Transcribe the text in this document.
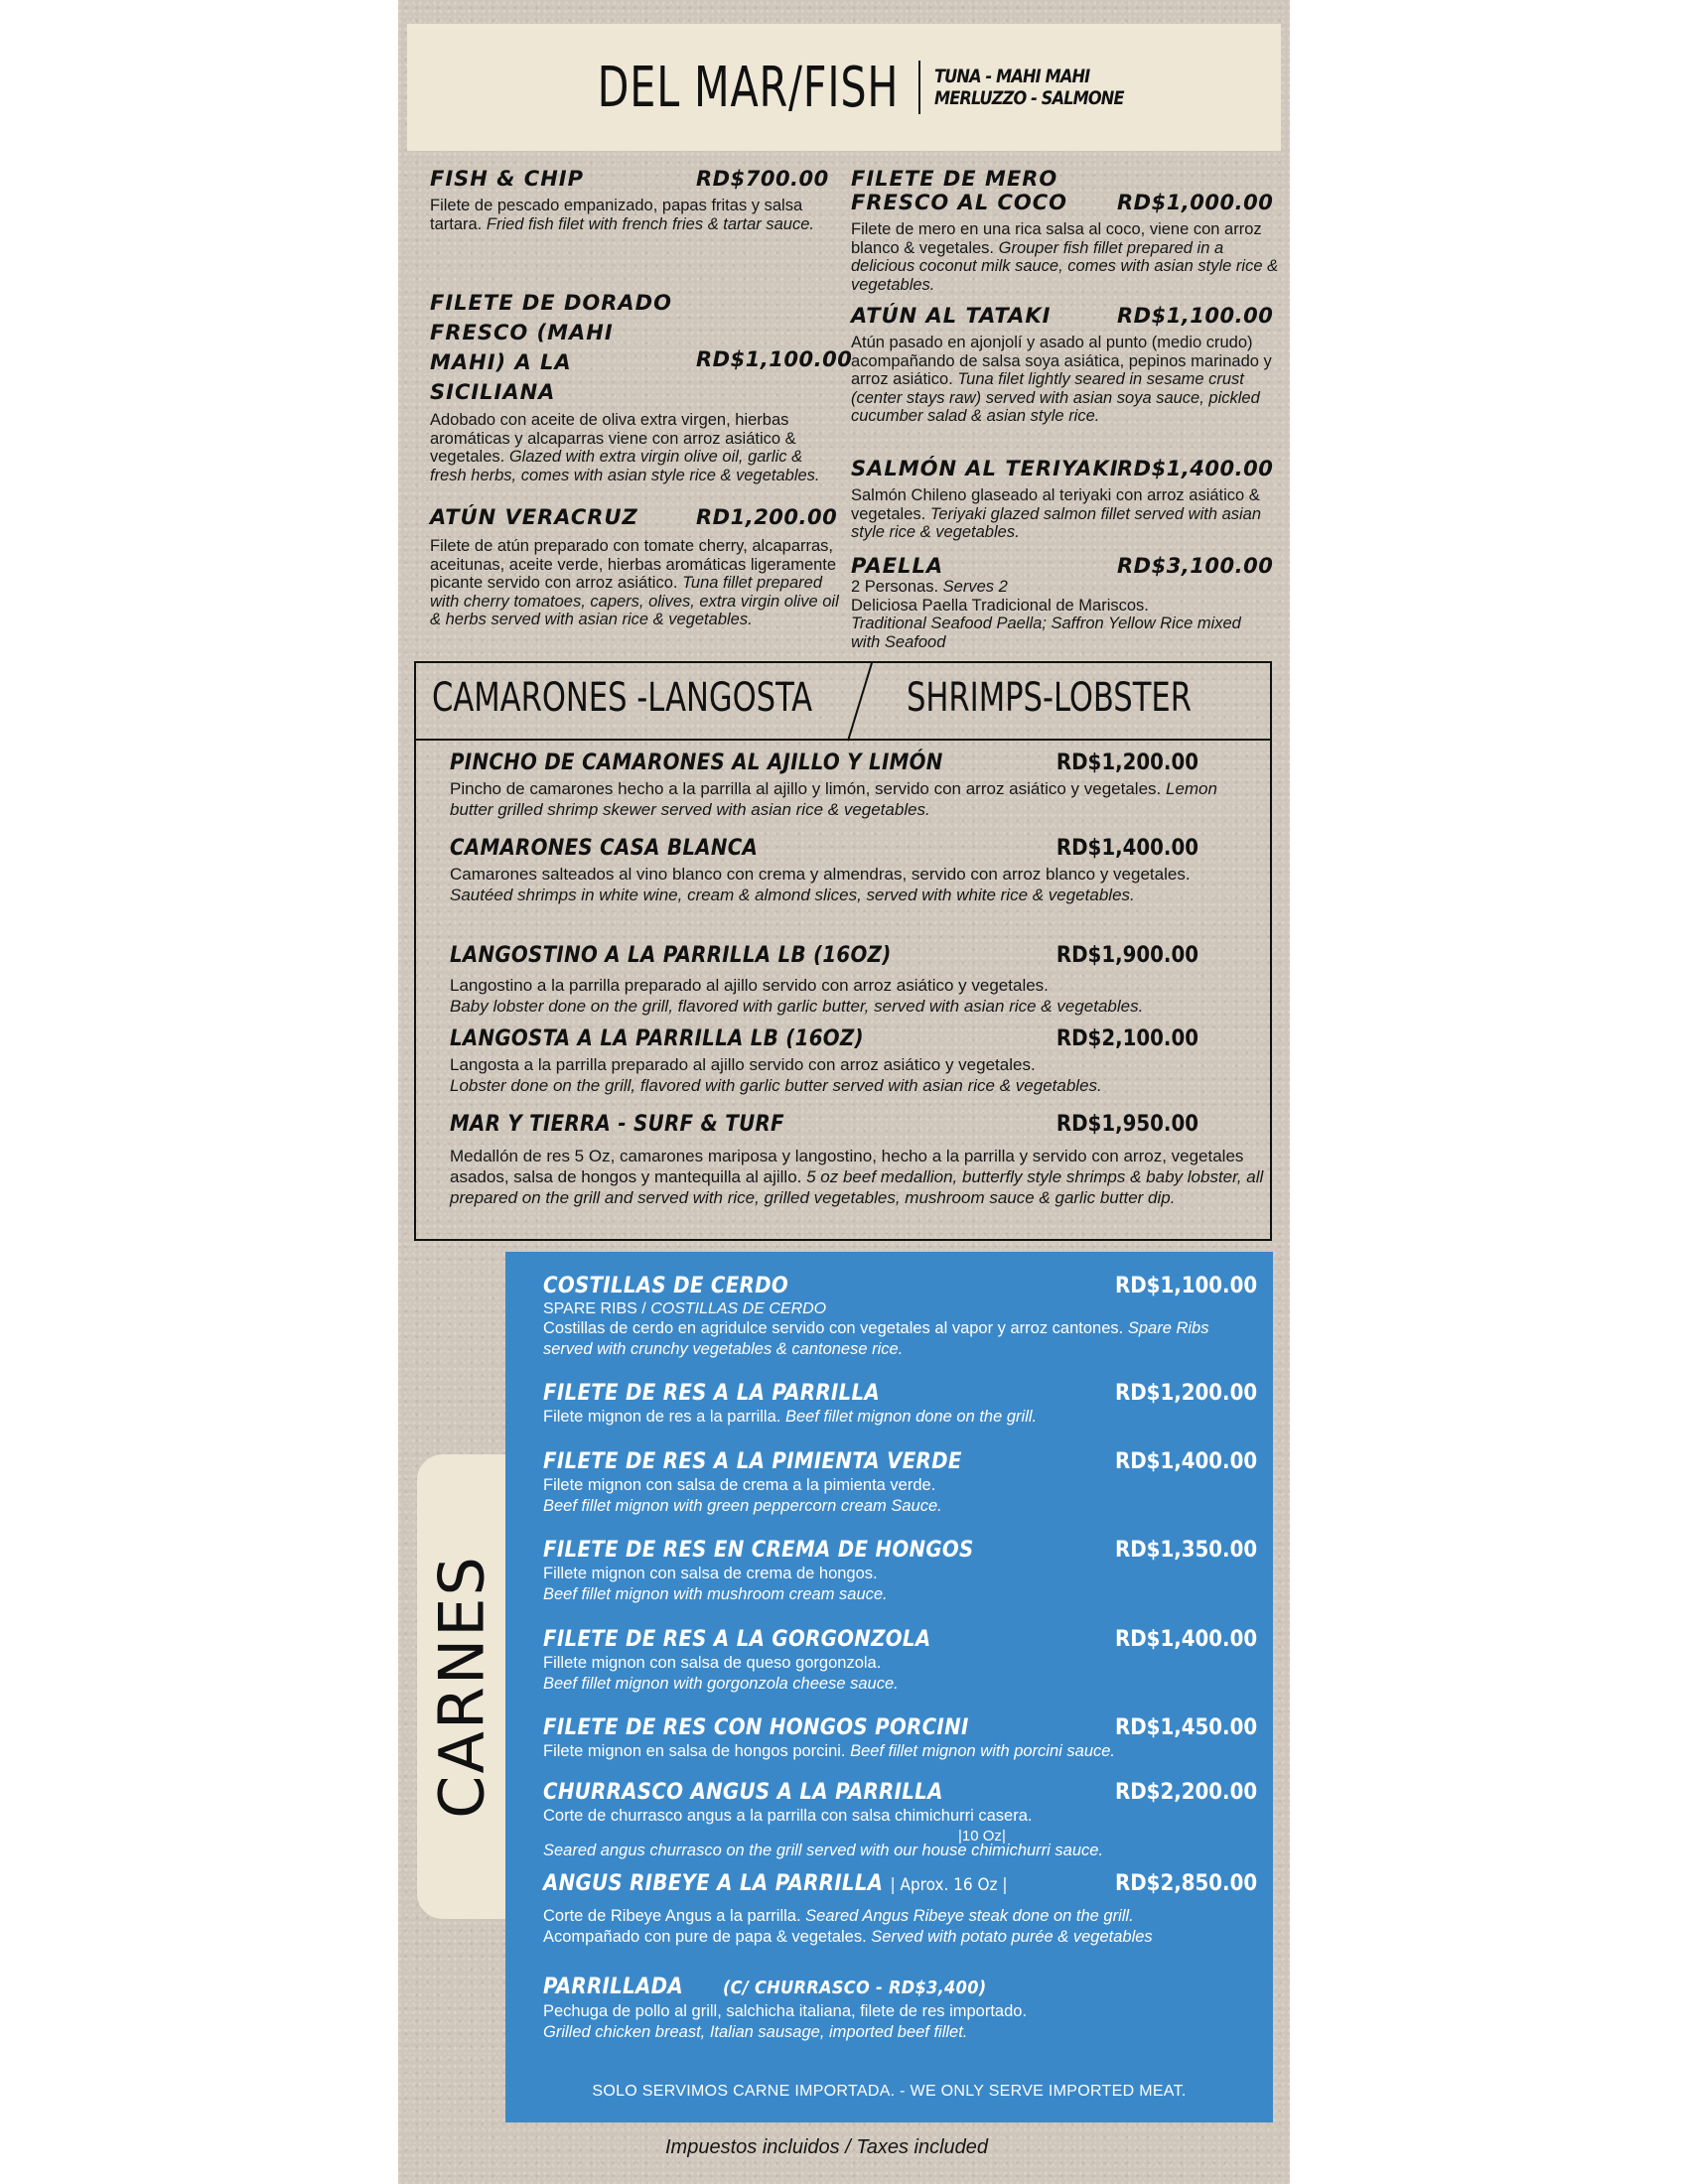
DEL MAR/FISH TUNA - MAHI MAHI
MERLUZZO - SALMONE
FISH & CHIP	RD$700.00
Filete de pescado empanizado, papas fritas y salsa tartara. Fried fish filet with french fries & tartar sauce.
FILETE DE DORADO FRESCO (MAHI MAHI) A LA SICILIANA
RD$1,100.00
Adobado con aceite de oliva extra virgen, hierbas aromáticas y alcaparras viene con arroz asiático & vegetales. Glazed with extra virgin olive oil, garlic & fresh herbs, comes with asian style rice & vegetables.
ATÚN VERACRUZ	RD1,200.00
Filete de atún preparado con tomate cherry, alcaparras, aceitunas, aceite verde, hierbas aromáticas ligeramente picante servido con arroz asiático. Tuna fillet prepared with cherry tomatoes, capers, olives, extra virgin olive oil & herbs served with asian rice & vegetables.
FILETE DE MERO FRESCO AL COCO	RD$1,000.00
Filete de mero en una rica salsa al coco, viene con arroz blanco & vegetales. Grouper fish fillet prepared in a delicious coconut milk sauce, comes with asian style rice & vegetables.
ATÚN AL TATAKI	RD$1,100.00
Atún pasado en ajonjolí y asado al punto (medio crudo) acompañando de salsa soya asiática, pepinos marinado y arroz asiático. Tuna filet lightly seared in sesame crust (center stays raw) served with asian soya sauce, pickled cucumber salad & asian style rice.
SALMÓN AL TERIYAKI
RD$1,400.00
Salmón Chileno glaseado al teriyaki con arroz asiático & vegetales. Teriyaki glazed salmon fillet served with asian style rice & vegetables.
PAELLA	RD$3,100.00
2 Personas. Serves 2
Deliciosa Paella Tradicional de Mariscos.
Traditional Seafood Paella; Saffron Yellow Rice mixed with Seafood
CAMARONES -LANGOSTA SHRIMPS-LOBSTER
PINCHO DE CAMARONES AL AJILLO Y LIMÓN	RD$1,200.00
Pincho de camarones hecho a la parrilla al ajillo y limón, servido con arroz asiático y vegetales. Lemon butter grilled shrimp skewer served with asian rice & vegetables.
CAMARONES CASA BLANCA	RD$1,400.00
Camarones salteados al vino blanco con crema y almendras, servido con arroz blanco y vegetales. Sautéed shrimps in white wine, cream & almond slices, served with white rice & vegetables.
LANGOSTINO A LA PARRILLA LB (16OZ)	RD$1,900.00
Langostino a la parrilla preparado al ajillo servido con arroz asiático y vegetales.
Baby lobster done on the grill, flavored with garlic butter, served with asian rice & vegetables.
LANGOSTA A LA PARRILLA LB (16OZ)	RD$2,100.00
Langosta a la parrilla preparado al ajillo servido con arroz asiático y vegetales.
Lobster done on the grill, flavored with garlic butter served with asian rice & vegetables.
MAR Y TIERRA - SURF & TURF	RD$1,950.00
Medallón de res 5 Oz, camarones mariposa y langostino, hecho a la parrilla y servido con arroz, vegetales asados, salsa de hongos y mantequilla al ajillo. 5 oz beef medallion, butterfly style shrimps & baby lobster, all prepared on the grill and served with rice, grilled vegetables, mushroom sauce & garlic butter dip.
CARNES
COSTILLAS DE CERDO	RD$1,100.00
SPARE RIBS / COSTILLAS DE CERDO
Costillas de cerdo en agridulce servido con vegetales al vapor y arroz cantones. Spare Ribs served with crunchy vegetables & cantonese rice.
FILETE DE RES A LA PARRILLA	RD$1,200.00
Filete mignon de res a la parrilla. Beef fillet mignon done on the grill.
FILETE DE RES A LA PIMIENTA VERDE	RD$1,400.00
Filete mignon con salsa de crema a la pimienta verde.
Beef fillet mignon with green peppercorn cream Sauce.
FILETE DE RES EN CREMA DE HONGOS	RD$1,350.00
Fillete mignon con salsa de crema de hongos.
Beef fillet mignon with mushroom cream sauce.
FILETE DE RES A LA GORGONZOLA	RD$1,400.00
Fillete mignon con salsa de queso gorgonzola.
Beef fillet mignon with gorgonzola cheese sauce.
FILETE DE RES CON HONGOS PORCINI	RD$1,450.00
Filete mignon en salsa de hongos porcini. Beef fillet mignon with porcini sauce.
CHURRASCO ANGUS A LA PARRILLA	RD$2,200.00
Corte de churrasco angus a la parrilla con salsa chimichurri casera.
|10 Oz|
Seared angus churrasco on the grill served with our house chimichurri sauce.
ANGUS RIBEYE A LA PARRILLA | Aprox. 16 Oz |	RD$2,850.00
Corte de Ribeye Angus a la parrilla. Seared Angus Ribeye steak done on the grill.
Acompañado con pure de papa & vegetales. Served with potato purée & vegetables
PARRILLADA (C/ CHURRASCO - RD$3,400)
Pechuga de pollo al grill, salchicha italiana, filete de res importado.
Grilled chicken breast, Italian sausage, imported beef fillet.
SOLO SERVIMOS CARNE IMPORTADA. - WE ONLY SERVE IMPORTED MEAT.
Impuestos incluidos / Taxes included
